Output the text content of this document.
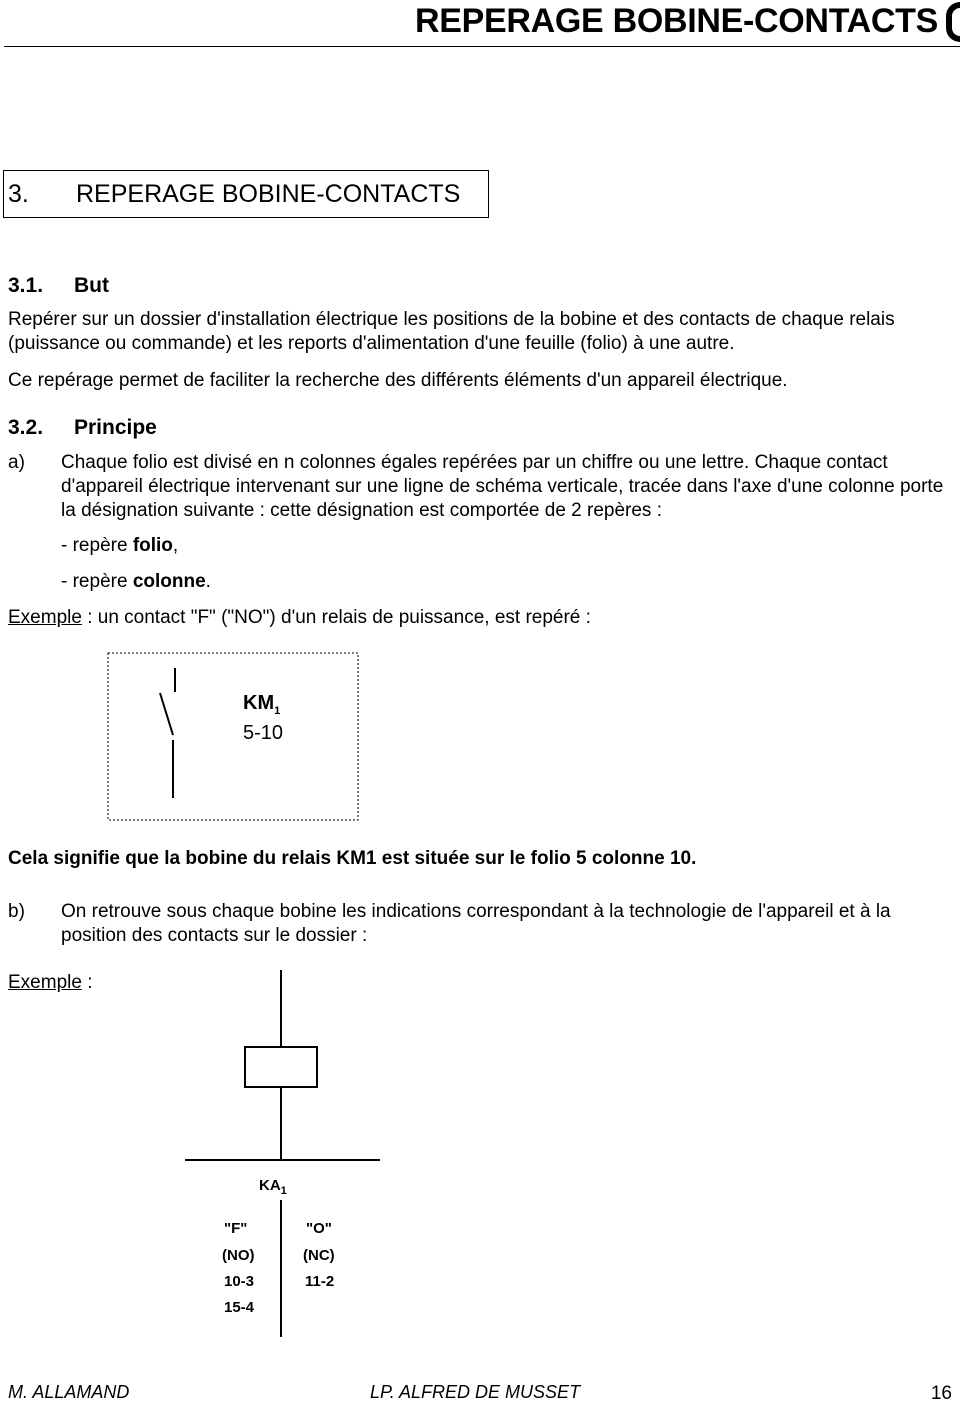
REPERAGE BOBINE-CONTACTS
3. REPERAGE BOBINE-CONTACTS
3.1. But
Repérer sur un dossier d'installation électrique les positions de la bobine et des contacts de chaque relais (puissance ou commande) et les reports d'alimentation d'une feuille (folio) à une autre.
Ce repérage permet de faciliter la recherche des différents éléments d'un appareil électrique.
3.2. Principe
a) Chaque folio est divisé en n colonnes égales repérées par un chiffre ou une lettre. Chaque contact d'appareil électrique intervenant sur une ligne de schéma verticale, tracée dans l'axe d'une colonne porte la désignation suivante : cette désignation est comportée de 2 repères :
- repère folio,
- repère colonne.
Exemple : un contact "F" ("NO") d'un relais de puissance, est repéré :
$KM_1$
5-10
Cela signifie que la bobine du relais KM1 est située sur le folio 5 colonne 10.
b) On retrouve sous chaque bobine les indications correspondant à la technologie de l'appareil et à la position des contacts sur le dossier :
Exemple :
$KA_1$
"F"
(NO)
10-3
15-4
"O"
(NC)
11-2
M. ALLAMAND	LP. ALFRED DE MUSSET	16
